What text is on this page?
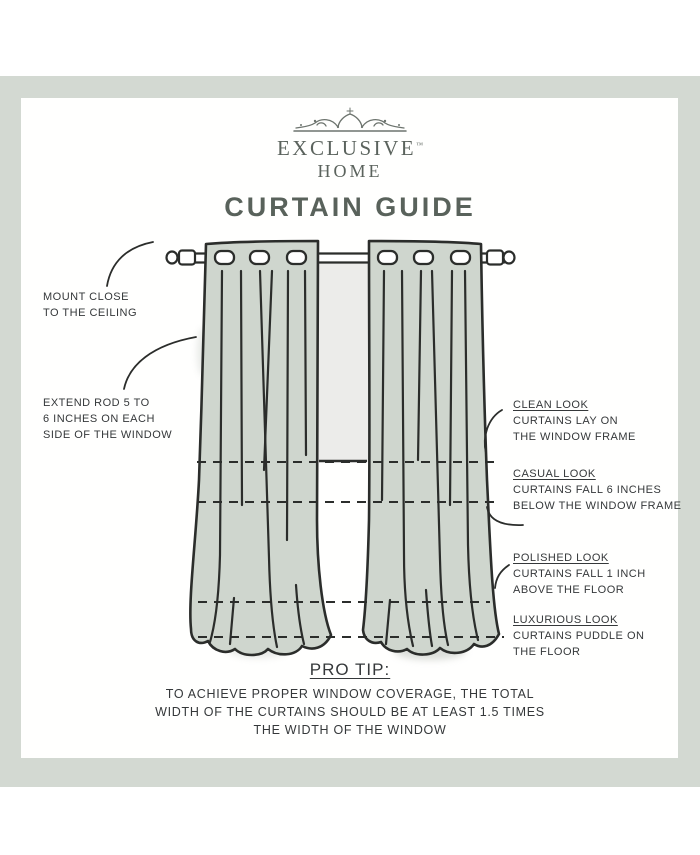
EXCLUSIVE™
HOME
CURTAIN GUIDE
MOUNT CLOSE
TO THE CEILING
EXTEND ROD 5 TO
6 INCHES ON EACH
SIDE OF THE WINDOW
CLEAN LOOK
CURTAINS LAY ON
THE WINDOW FRAME
CASUAL LOOK
CURTAINS FALL 6 INCHES
BELOW THE WINDOW FRAME
POLISHED LOOK
CURTAINS FALL 1 INCH
ABOVE THE FLOOR
LUXURIOUS LOOK
CURTAINS PUDDLE ON
THE FLOOR
PRO TIP:
TO ACHIEVE PROPER WINDOW COVERAGE, THE TOTAL
WIDTH OF THE CURTAINS SHOULD BE AT LEAST 1.5 TIMES
THE WIDTH OF THE WINDOW
